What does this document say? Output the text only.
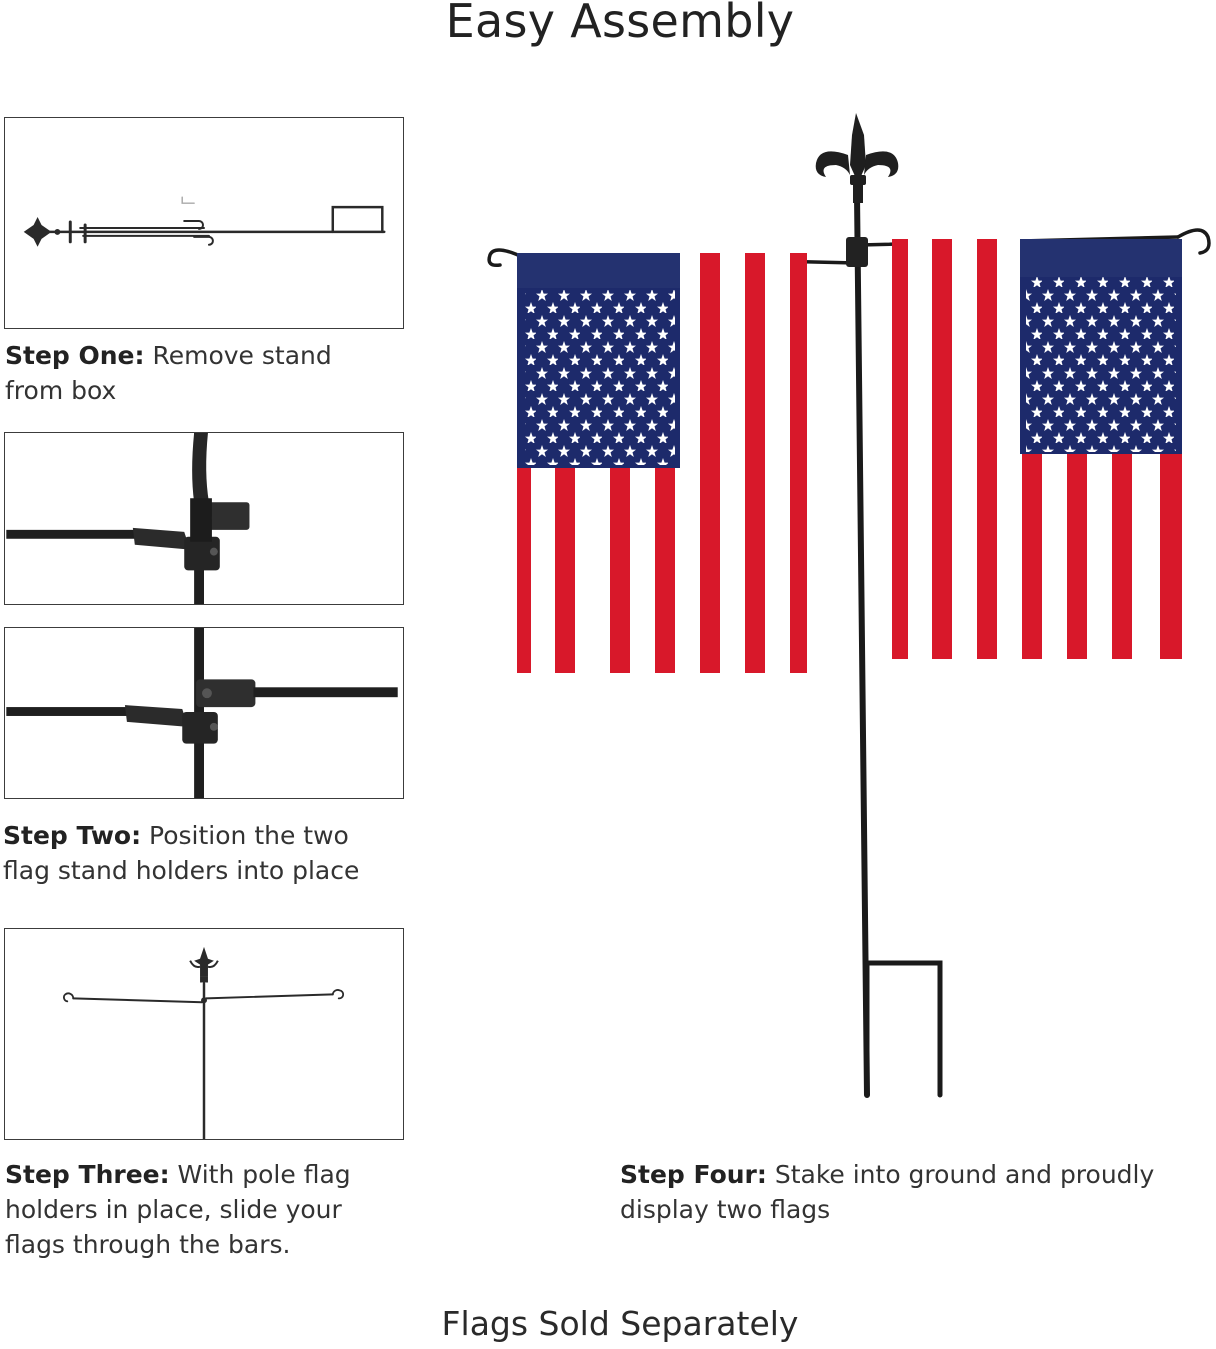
Easy Assembly
Step One: Remove stand from box
Step Two: Position the two flag stand holders into place
Step Three: With pole flag holders in place, slide your flags through the bars.
Step Four: Stake into ground and proudly display two flags
Flags Sold Separately
